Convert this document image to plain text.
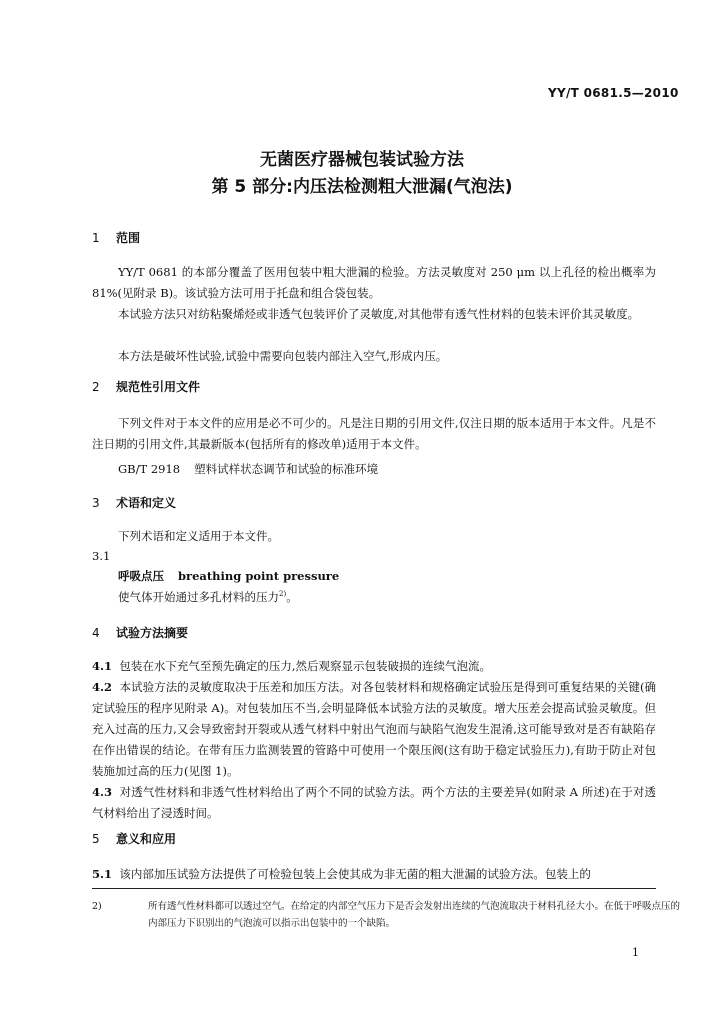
YY/T 0681.5—2010
无菌医疗器械包装试验方法
第 5 部分:内压法检测粗大泄漏(气泡法)
1 范围
YY/T 0681 的本部分覆盖了医用包装中粗大泄漏的检验。方法灵敏度对 250 μm 以上孔径的检出概率为 81%(见附录 B)。该试验方法可用于托盘和组合袋包装。
本试验方法只对纺粘聚烯烃或非透气包装评价了灵敏度,对其他带有透气性材料的包装未评价其灵敏度。
本方法是破坏性试验,试验中需要向包装内部注入空气,形成内压。
2 规范性引用文件
下列文件对于本文件的应用是必不可少的。凡是注日期的引用文件,仅注日期的版本适用于本文件。凡是不注日期的引用文件,其最新版本(包括所有的修改单)适用于本文件。
GB/T 2918 塑料试样状态调节和试验的标准环境
3 术语和定义
下列术语和定义适用于本文件。
3.1
呼吸点压 breathing point pressure
使气体开始通过多孔材料的压力$^{2)}$。
4 试验方法摘要
4.1 包装在水下充气至预先确定的压力,然后观察显示包装破损的连续气泡流。
4.2 本试验方法的灵敏度取决于压差和加压方法。对各包装材料和规格确定试验压是得到可重复结果的关键(确定试验压的程序见附录 A)。对包装加压不当,会明显降低本试验方法的灵敏度。增大压差会提高试验灵敏度。但充入过高的压力,又会导致密封开裂或从透气材料中射出气泡而与缺陷气泡发生混淆,这可能导致对是否有缺陷存在作出错误的结论。在带有压力监测装置的管路中可使用一个限压阀(这有助于稳定试验压力),有助于防止对包装施加过高的压力(见图 1)。
4.3 对透气性材料和非透气性材料给出了两个不同的试验方法。两个方法的主要差异(如附录 A 所述)在于对透气材料给出了浸透时间。
5 意义和应用
5.1 该内部加压试验方法提供了可检验包装上会使其成为非无菌的粗大泄漏的试验方法。包装上的
2)	所有透气性材料都可以透过空气。在给定的内部空气压力下是否会发射出连续的气泡流取决于材料孔径大小。在低于呼吸点压的内部压力下识别出的气泡流可以指示出包装中的一个缺陷。
1
